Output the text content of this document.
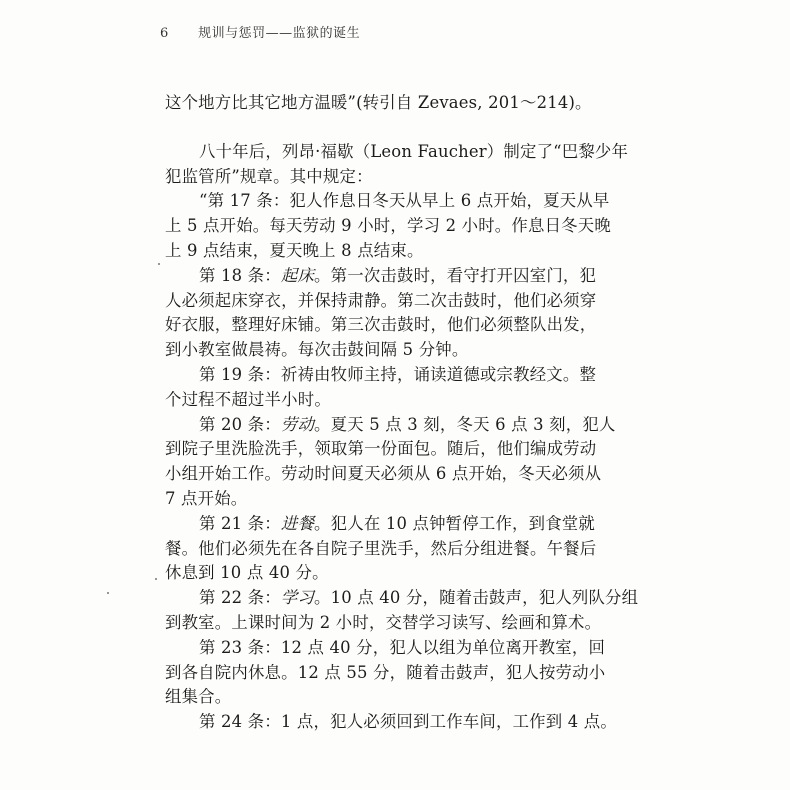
6 规训与惩罚——监狱的诞生
这个地方比其它地方温暖”(转引自 Zevaes, 201～214)。
八十年后，列昂·福歇（Leon Faucher）制定了“巴黎少年
犯监管所”规章。其中规定：
“第 17 条：犯人作息日冬天从早上 6 点开始，夏天从早
上 5 点开始。每天劳动 9 小时，学习 2 小时。作息日冬天晚
上 9 点结束，夏天晚上 8 点结束。
第 18 条：起床。第一次击鼓时，看守打开囚室门，犯
人必须起床穿衣，并保持肃静。第二次击鼓时，他们必须穿
好衣服，整理好床铺。第三次击鼓时，他们必须整队出发，
到小教室做晨祷。每次击鼓间隔 5 分钟。
第 19 条：祈祷由牧师主持，诵读道德或宗教经文。整
个过程不超过半小时。
第 20 条：劳动。夏天 5 点 3 刻，冬天 6 点 3 刻，犯人
到院子里洗脸洗手，领取第一份面包。随后，他们编成劳动
小组开始工作。劳动时间夏天必须从 6 点开始，冬天必须从
7 点开始。
第 21 条：进餐。犯人在 10 点钟暂停工作，到食堂就
餐。他们必须先在各自院子里洗手，然后分组进餐。午餐后
休息到 10 点 40 分。
第 22 条：学习。10 点 40 分，随着击鼓声，犯人列队分组
到教室。上课时间为 2 小时，交替学习读写、绘画和算术。
第 23 条：12 点 40 分，犯人以组为单位离开教室，回
到各自院内休息。12 点 55 分，随着击鼓声，犯人按劳动小
组集合。
第 24 条：1 点，犯人必须回到工作车间，工作到 4 点。
